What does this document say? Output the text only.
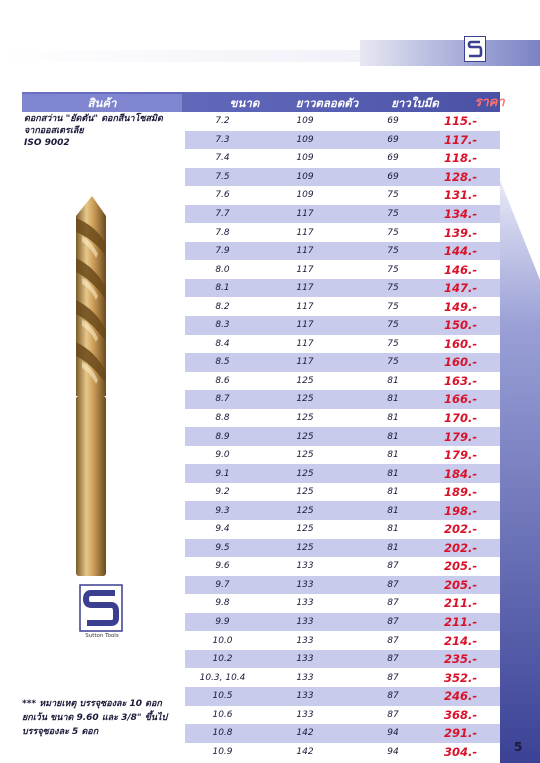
สินค้า	ขนาด	ยาวตลอดตัว	ยาวใบมีด	ราคา
ดอกสว่าน "ยัดตัน" ดอกสีนาโซสมิด
จากออสเตรเลีย
ISO 9002
Sutton Tools
*** หมายเหตุ บรรจุซองละ 10 ดอก
ยกเว้น ขนาด 9.60 และ 3/8" ขึ้นไป
บรรจุซองละ 5 ดอก
7.2	109	69	115.-
7.3	109	69	117.-
7.4	109	69	118.-
7.5	109	69	128.-
7.6	109	75	131.-
7.7	117	75	134.-
7.8	117	75	139.-
7.9	117	75	144.-
8.0	117	75	146.-
8.1	117	75	147.-
8.2	117	75	149.-
8.3	117	75	150.-
8.4	117	75	160.-
8.5	117	75	160.-
8.6	125	81	163.-
8.7	125	81	166.-
8.8	125	81	170.-
8.9	125	81	179.-
9.0	125	81	179.-
9.1	125	81	184.-
9.2	125	81	189.-
9.3	125	81	198.-
9.4	125	81	202.-
9.5	125	81	202.-
9.6	133	87	205.-
9.7	133	87	205.-
9.8	133	87	211.-
9.9	133	87	211.-
10.0	133	87	214.-
10.2	133	87	235.-
10.3, 10.4	133	87	352.-
10.5	133	87	246.-
10.6	133	87	368.-
10.8	142	94	291.-
10.9	142	94	304.-	5
